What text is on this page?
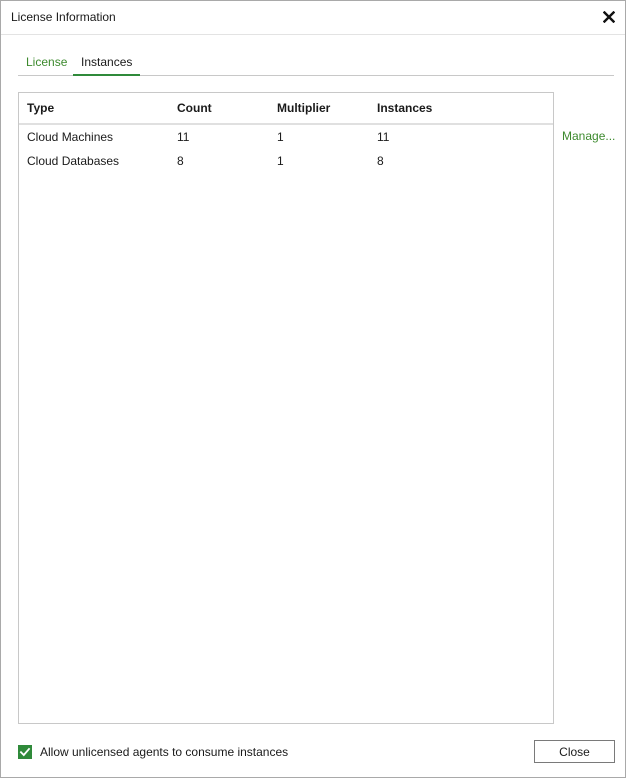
License Information
License	Instances
Type	Count	Multiplier	Instances
Cloud Machines	11	1	11
Cloud Databases	8	1	8
Manage...
Allow unlicensed agents to consume instances	Close
